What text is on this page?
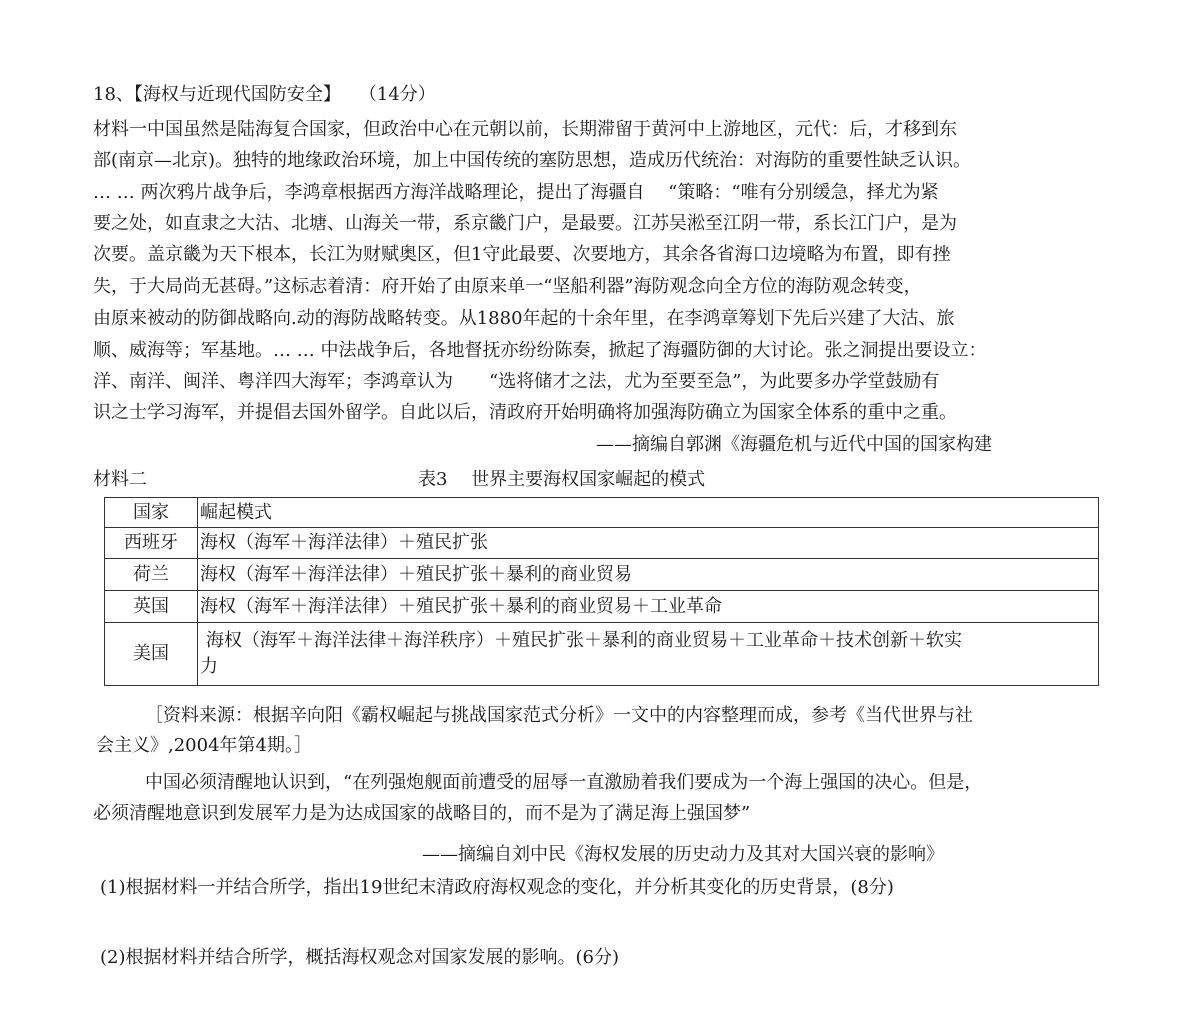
18、【海权与近现代国防安全】　　（14分）
材料一中国虽然是陆海复合国家，但政治中心在元朝以前，长期滞留于黄河中上游地区，元代：后，才移到东
部(南京—北京)。独特的地缘政治环境，加上中国传统的塞防思想，造成历代统治：对海防的重要性缺乏认识。
… … 两次鸦片战争后，李鸿章根据西方海洋战略理论，提出了海疆自　 “策略：“唯有分别缓急，择尤为紧
要之处，如直隶之大沽、北塘、山海关一带，系京畿门户，是最要。江苏吴淞至江阴一带，系长江门户，是为
次要。盖京畿为天下根本，长江为财赋奥区，但1守此最要、次要地方，其余各省海口边境略为布置，即有挫
失，于大局尚无甚碍。”这标志着清：府开始了由原来单一“坚船利器”海防观念向全方位的海防观念转变，
由原来被动的防御战略向.动的海防战略转变。从1880年起的十余年里，在李鸿章筹划下先后兴建了大沽、旅
顺、威海等；军基地。… … 中法战争后，各地督抚亦纷纷陈奏，掀起了海疆防御的大讨论。张之洞提出要设立：
洋、南洋、闽洋、粤洋四大海军；李鸿章认为　　“选将储才之法，尤为至要至急”，为此要多办学堂鼓励有
识之士学习海军，并提倡去国外留学。自此以后，清政府开始明确将加强海防确立为国家全体系的重中之重。
——摘编自郭渊《海疆危机与近代中国的国家构建
材料二	表3　 世界主要海权国家崛起的模式
国家	崛起模式
西班牙	海权（海军＋海洋法律）＋殖民扩张
荷兰	海权（海军＋海洋法律）＋殖民扩张＋暴利的商业贸易
英国	海权（海军＋海洋法律）＋殖民扩张＋暴利的商业贸易＋工业革命
美国	海权（海军＋海洋法律＋海洋秩序）＋殖民扩张＋暴利的商业贸易＋工业革命＋技术创新＋软实
力
［资料来源：根据辛向阳《霸权崛起与挑战国家范式分析》一文中的内容整理而成，参考《当代世界与社
会主义》,2004年第4期。］
中国必须清醒地认识到，“在列强炮舰面前遭受的屈辱一直激励着我们要成为一个海上强国的决心。但是，
必须清醒地意识到发展军力是为达成国家的战略目的，而不是为了满足海上强国梦”
——摘编自刘中民《海权发展的历史动力及其对大国兴衰的影响》
(1)根据材料一并结合所学，指出19世纪末清政府海权观念的变化，并分析其变化的历史背景，(8分)
(2)根据材料并结合所学，概括海权观念对国家发展的影响。(6分)
